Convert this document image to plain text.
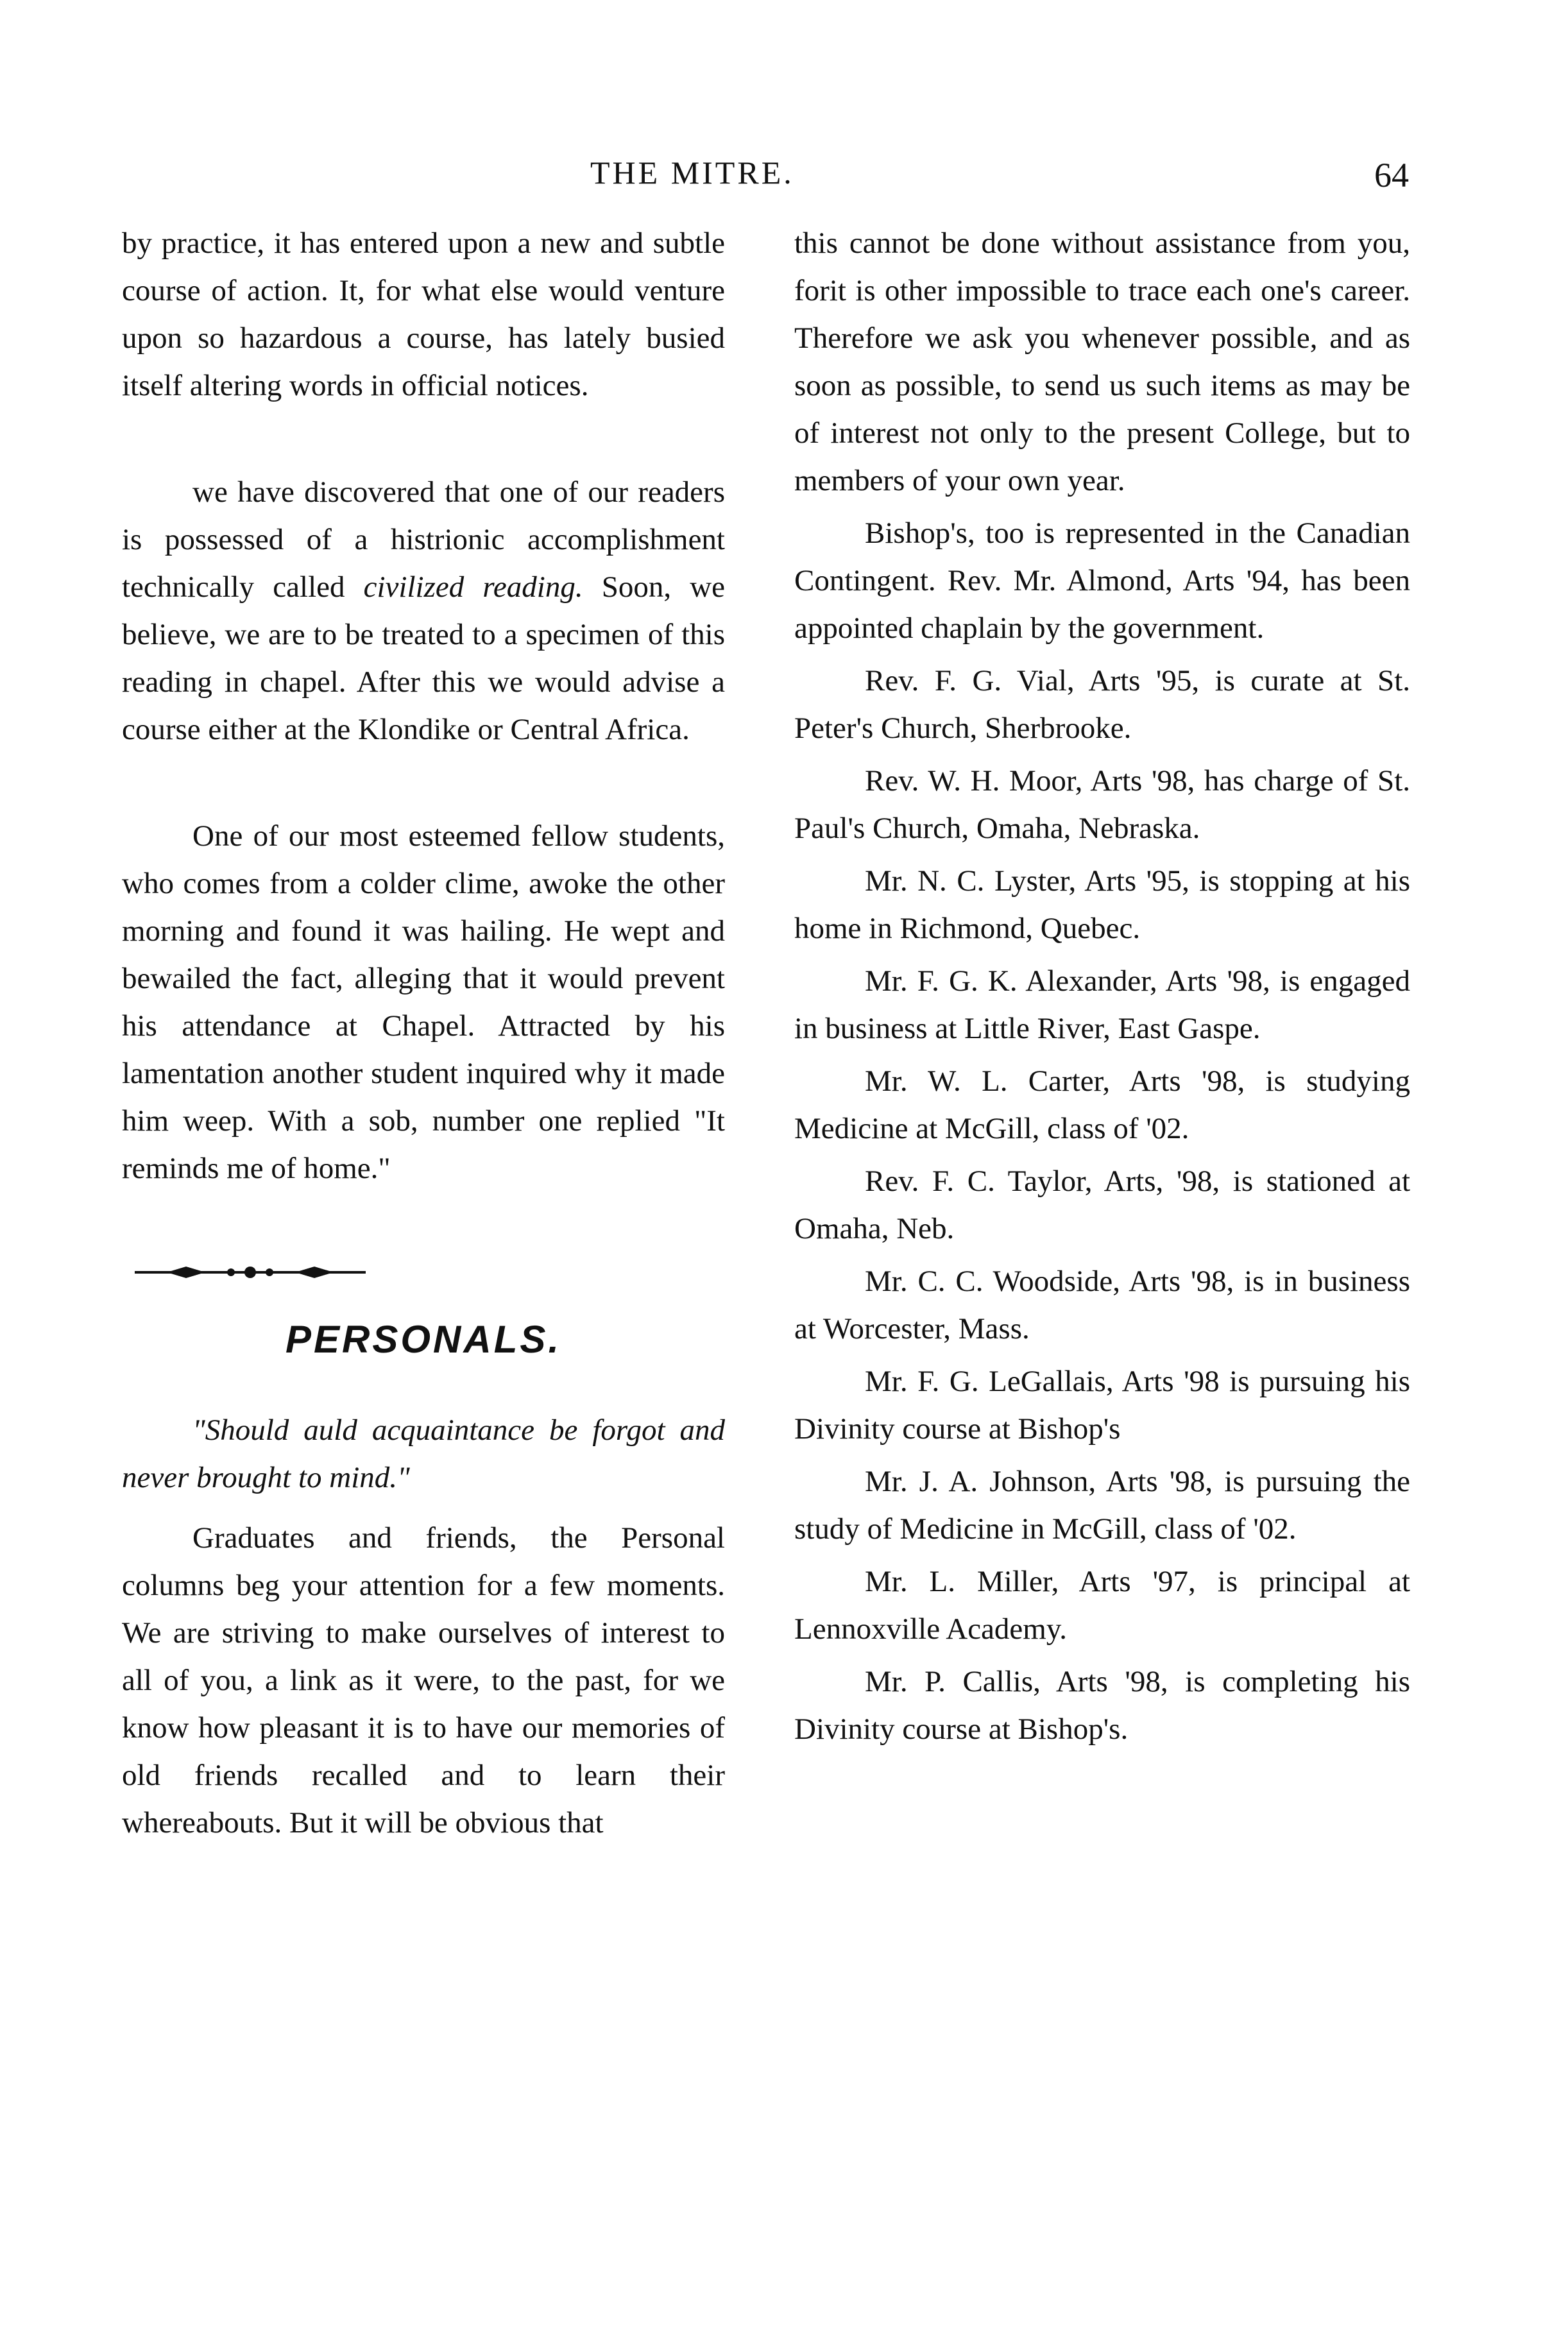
THE MITRE.	64

by practice, it has entered upon a new and subtle course of action. It, for what else would venture upon so hazardous a course, has lately busied itself altering words in official notices.

we have discovered that one of our readers is possessed of a histrionic accomplishment technically called civilized reading. Soon, we believe, we are to be treated to a specimen of this reading in chapel. After this we would advise a course either at the Klondike or Central Africa.

One of our most esteemed fellow students, who comes from a colder clime, awoke the other morning and found it was hailing. He wept and bewailed the fact, alleging that it would prevent his attendance at Chapel. Attracted by his lamentation another student inquired why it made him weep. With a sob, number one replied "It reminds me of home."

PERSONALS.

"Should auld acquaintance be forgot and never brought to mind."

Graduates and friends, the Personal columns beg your attention for a few moments. We are striving to make ourselves of interest to all of you, a link as it were, to the past, for we know how pleasant it is to have our memories of old friends recalled and to learn their whereabouts. But it will be obvious that

this cannot be done without assistance from you, forit is other impossible to trace each one's career. Therefore we ask you whenever possible, and as soon as possible, to send us such items as may be of interest not only to the present College, but to members of your own year.

Bishop's, too is represented in the Canadian Contingent. Rev. Mr. Almond, Arts '94, has been appointed chaplain by the government.

Rev. F. G. Vial, Arts '95, is curate at St. Peter's Church, Sherbrooke.

Rev. W. H. Moor, Arts '98, has charge of St. Paul's Church, Omaha, Nebraska.

Mr. N. C. Lyster, Arts '95, is stopping at his home in Richmond, Quebec.

Mr. F. G. K. Alexander, Arts '98, is engaged in business at Little River, East Gaspe.

Mr. W. L. Carter, Arts '98, is studying Medicine at McGill, class of '02.

Rev. F. C. Taylor, Arts, '98, is stationed at Omaha, Neb.

Mr. C. C. Woodside, Arts '98, is in business at Worcester, Mass.

Mr. F. G. LeGallais, Arts '98 is pursuing his Divinity course at Bishop's

Mr. J. A. Johnson, Arts '98, is pursuing the study of Medicine in McGill, class of '02.

Mr. L. Miller, Arts '97, is principal at Lennoxville Academy.

Mr. P. Callis, Arts '98, is completing his Divinity course at Bishop's.
